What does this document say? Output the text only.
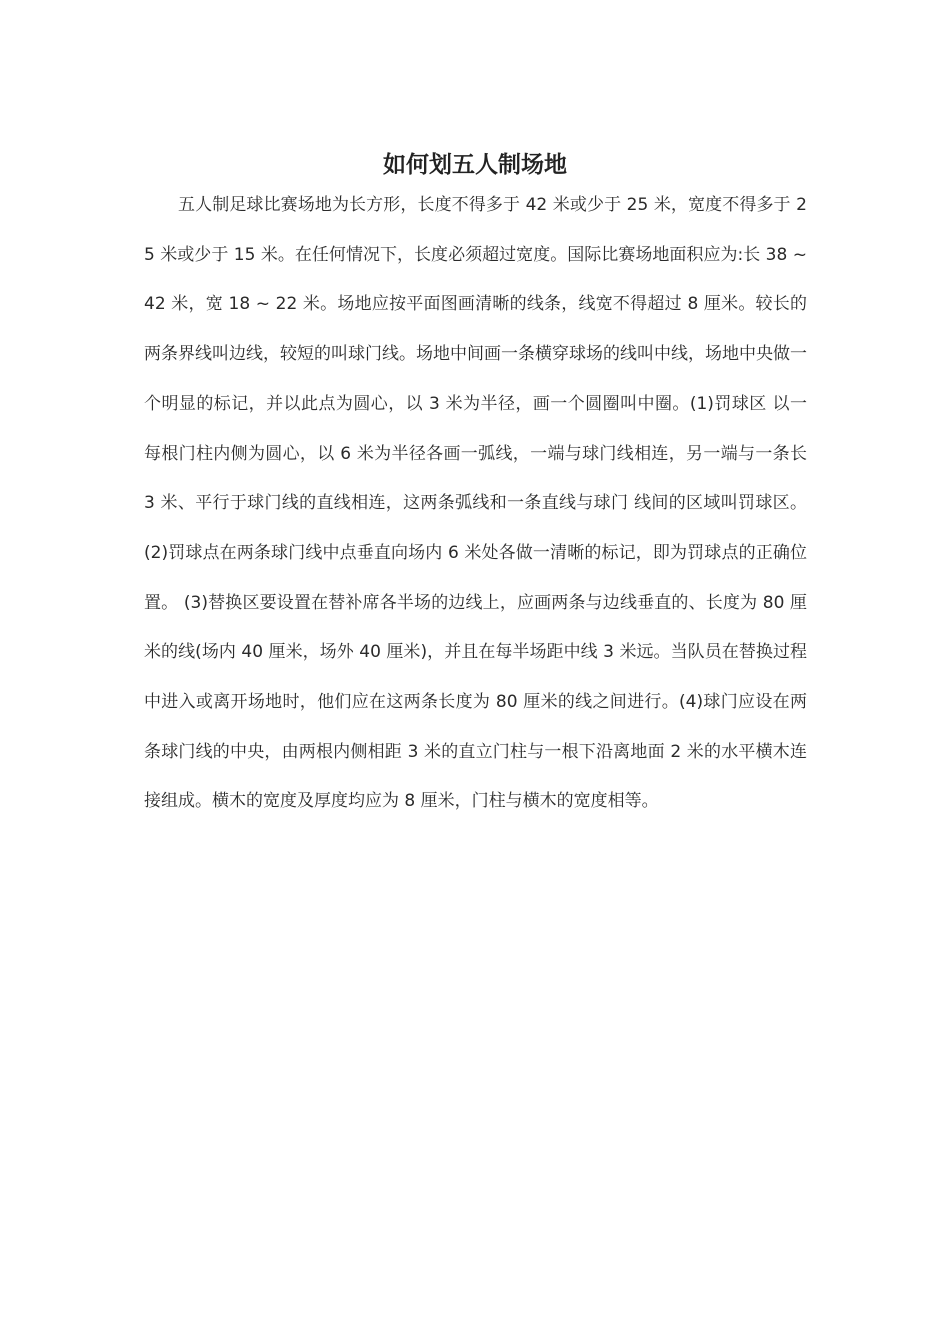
如何划五人制场地

五人制足球比赛场地为长方形，长度不得多于 42 米或少于 25 米，宽度不得多于 25 米或少于 15 米。在任何情况下，长度必须超过宽度。国际比赛场地面积应为:长 38 ~ 42 米，宽 18 ~ 22 米。场地应按平面图画清晰的线条，线宽不得超过 8 厘米。较长的两条界线叫边线，较短的叫球门线。场地中间画一条横穿球场的线叫中线，场地中央做一个明显的标记，并以此点为圆心，以 3 米为半径，画一个圆圈叫中圈。(1)罚球区 以一每根门柱内侧为圆心，以 6 米为半径各画一弧线，一端与球门线相连，另一端与一条长 3 米、平行于球门线的直线相连，这两条弧线和一条直线与球门 线间的区域叫罚球区。(2)罚球点在两条球门线中点垂直向场内 6 米处各做一清晰的标记，即为罚球点的正确位置。 (3)替换区要设置在替补席各半场的边线上，应画两条与边线垂直的、长度为 80 厘米的线(场内 40 厘米，场外 40 厘米)，并且在每半场距中线 3 米远。当队员在替换过程中进入或离开场地时，他们应在这两条长度为 80 厘米的线之间进行。(4)球门应设在两条球门线的中央，由两根内侧相距 3 米的直立门柱与一根下沿离地面 2 米的水平横木连接组成。横木的宽度及厚度均应为 8 厘米，门柱与横木的宽度相等。
